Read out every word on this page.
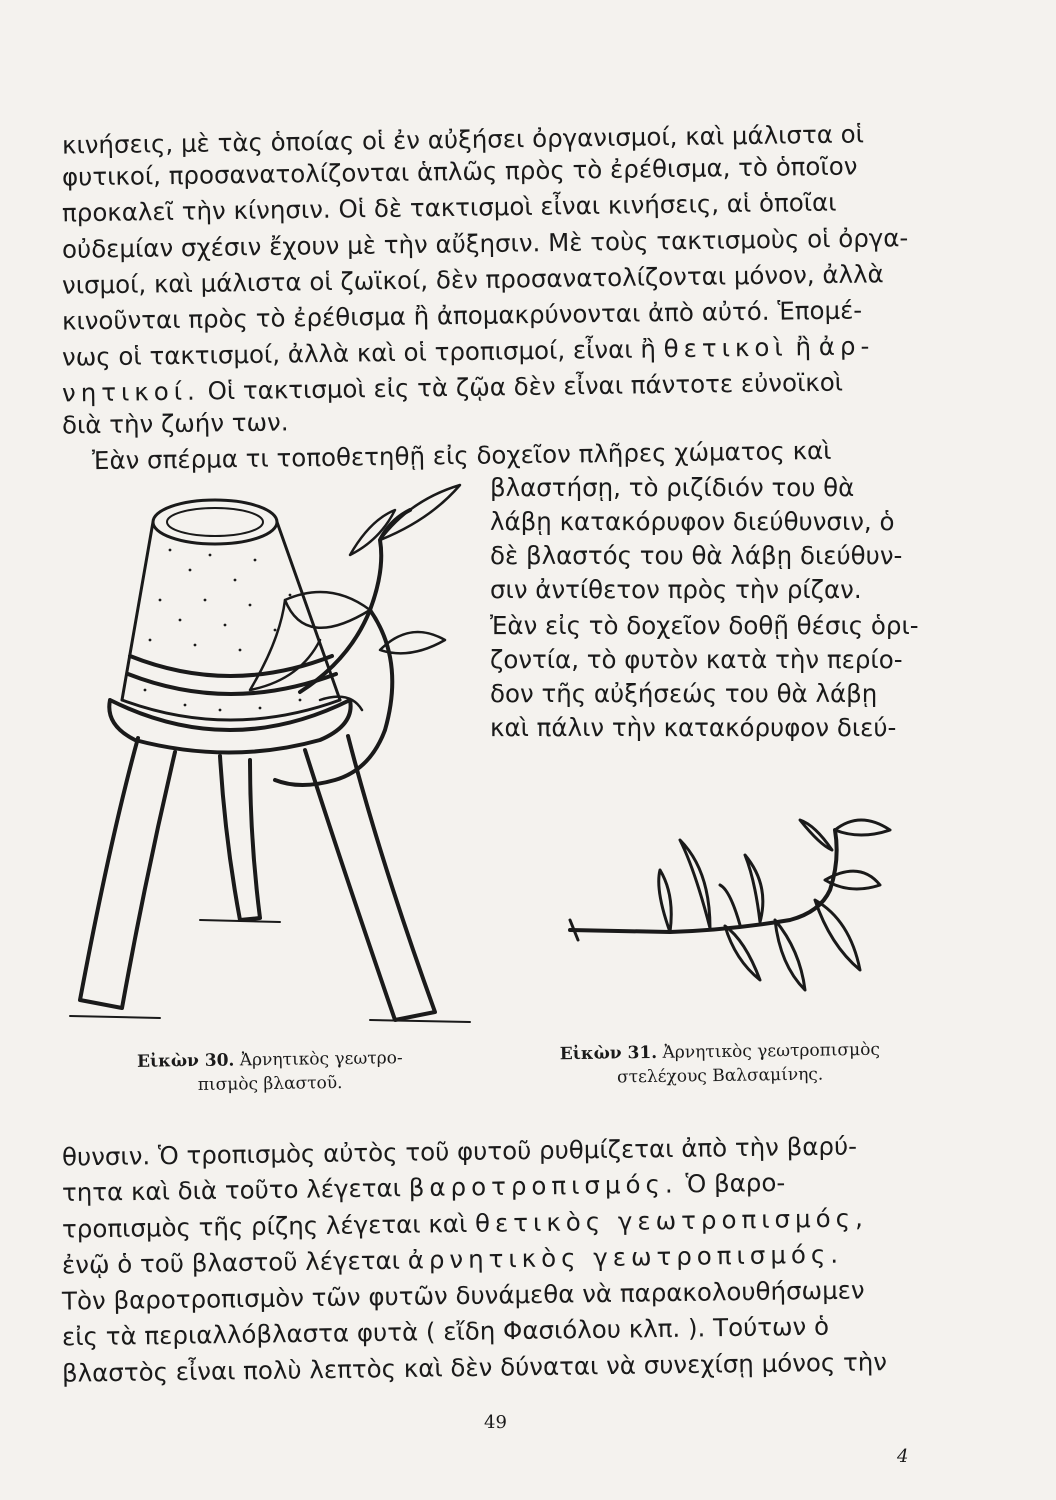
κινήσεις, μὲ τὰς ὁποίας οἱ ἐν αὐξήσει ὀργανισμοί, καὶ μάλιστα οἱ
φυτικοί, προσανατολίζονται ἁπλῶς πρὸς τὸ ἐρέθισμα, τὸ ὁποῖον
προκαλεῖ τὴν κίνησιν. Οἱ δὲ τακτισμοὶ εἶναι κινήσεις, αἱ ὁποῖαι
οὐδεμίαν σχέσιν ἔχουν μὲ τὴν αὔξησιν. Μὲ τοὺς τακτισμοὺς οἱ ὀργα-
νισμοί, καὶ μάλιστα οἱ ζωϊκοί, δὲν προσανατολίζονται μόνον, ἀλλὰ
κινοῦνται πρὸς τὸ ἐρέθισμα ἢ ἀπομακρύνονται ἀπὸ αὐτό. Ἑπομέ-
νως οἱ τακτισμοί, ἀλλὰ καὶ οἱ τροπισμοί, εἶναι ἢ θετικοὶ ἢ ἀρ-
νητικοί. Οἱ τακτισμοὶ εἰς τὰ ζῷα δὲν εἶναι πάντοτε εὐνοϊκοὶ
διὰ τὴν ζωήν των.
Ἐὰν σπέρμα τι τοποθετηθῇ εἰς δοχεῖον πλῆρες χώματος καὶ
βλαστήσῃ, τὸ ριζίδιόν του θὰ
λάβῃ κατακόρυφον διεύθυνσιν, ὁ
δὲ βλαστός του θὰ λάβῃ διεύθυν-
σιν ἀντίθετον πρὸς τὴν ρίζαν.
Ἐὰν εἰς τὸ δοχεῖον δοθῇ θέσις ὁρι-
ζοντία, τὸ φυτὸν κατὰ τὴν περίο-
δον τῆς αὐξήσεώς του θὰ λάβῃ
καὶ πάλιν τὴν κατακόρυφον διεύ-
Εἰκὼν 30. Ἀρνητικὸς γεωτρο-
πισμὸς βλαστοῦ.
Εἰκὼν 31. Ἀρνητικὸς γεωτροπισμὸς
στελέχους Βαλσαμίνης.
θυνσιν. Ὁ τροπισμὸς αὐτὸς τοῦ φυτοῦ ρυθμίζεται ἀπὸ τὴν βαρύ-
τητα καὶ διὰ τοῦτο λέγεται βαροτροπισμός. Ὁ βαρο-
τροπισμὸς τῆς ρίζης λέγεται καὶ θετικὸς γεωτροπισμός,
ἐνῷ ὁ τοῦ βλαστοῦ λέγεται ἀρνητικὸς γεωτροπισμός.
Τὸν βαροτροπισμὸν τῶν φυτῶν δυνάμεθα νὰ παρακολουθήσωμεν
εἰς τὰ περιαλλόβλαστα φυτὰ ( εἴδη Φασιόλου κλπ. ). Τούτων ὁ
βλαστὸς εἶναι πολὺ λεπτὸς καὶ δὲν δύναται νὰ συνεχίσῃ μόνος τὴν
49
4
